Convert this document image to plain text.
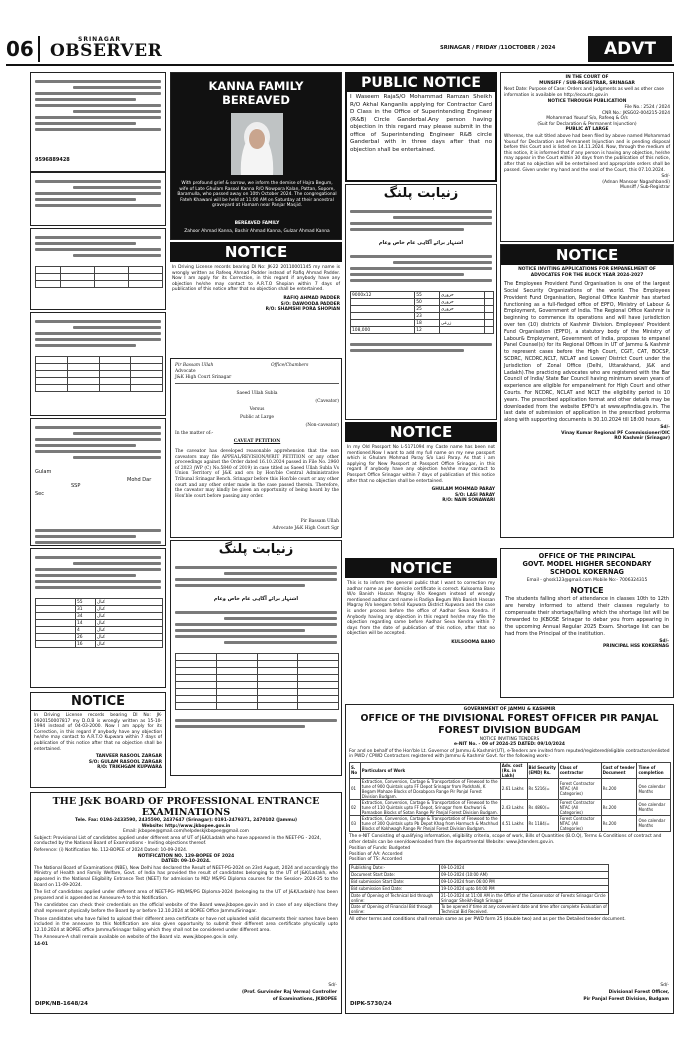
06	SRINAGAR
OBSERVER	SRINAGAR / FRIDAY /11OCTOBER / 2024	ADVT
9596889428

Gulam
Mohd Dar
SSP
Sec
	55	کنال
	31	کنال
	34	کنال
	14	کنال
	4	کنال
	26	کنال
	16	کنال
NOTICE
In Driving License records bearing DI No: JK-0920150007817 my D.O.B is wrongly written as 15-10-1994 instead of 04-03-2000. Now I am apply for its Correction, in this regard if anybody have any objection he/she may contact to A.R.T.O Kupwara within 7 days of publication of this notice after that no objection shall be entertained.
TANVEER RASOOL ZARGAR
S/O: GULAM RASOOL ZARGAR
R/O: TRIKHGAM KUPWARA
KANNA FAMILY
BEREAVED
With profound grief & sorrow, we inform the demise of Hajra Begum, wife of Late Ghulam Rasool Kanna R/O Nowpora Kalan, Pattan, Sopore, Baramulla, who passed away on 10th October 2024. The congregational Fateh Khawani will be held at 11:00 AM on Saturday at their ancestral graveyard at Hamam near Panjar Masjid.
BEREAVED FAMILY
Zahoor Ahmad Kanna, Bashir Ahmad Kanna, Gulzar Ahmad Kanna
NOTICE
In Driving License records bearing DI No: JK-22 20110001145 my name is wrongly written as Rafeeq Ahmad Padder instead of Rafiq Ahmad Padder. Now I am apply for its Correction, in this regard if anybody have any objection he/she may contact to A.R.T.O Shopian within 7 days of publication of this notice after that no objection shall be entertained.
RAFIQ AHMAD PADDER
S/O: DAWOODA PADDER
R/O: SHAMSHI PORA SHOPIAN
Pir Bassam Ullah
Advocate
J&K High Court Srinagar
Office/Chambers
Saeed Ullah Subla
(Caveator)
Versus
Public at Large
(Non-caveator)
In the matter of:-
CAVEAT PETITION
The caveator has developed reasonable apprehension that the non caveators may file APPEAL/REVISION/WRIT PETITION or any other proceedings against the Order dated 16.10.2024 passed in File No. 2960 of 2023 (WP (C) No.5840 of 2019) in case titled as Saeed Ullah Subla Vs Union Territory of J&K and ors by Hon'ble Central Administrative Tribunal Srinagar Bench. Srinagar before this Hon'ble court or any other court and any other order made in the case passed therein. Therefore, the caveator may kindly be given an opportunity of being heard by the Hon'ble court before passing any order.
Pir Bassam Ullah
Advocate J&K High Court Sgr
زنیابت پلنگ
اشتہار برائے آگاہی عام خاص وعام

PUBLIC NOTICE
I Waseem RajaS/O Mohammad Ramzan Sheikh R/O Akhal Kanganlis applying for Contractor Card D Class in the Office of Superintending Engineer (R&B) Circle Ganderbal.Any person having objection in this regard may please submit in the office of Superintending Engineer R&B circle Ganderbal with in three days after that no objection shall be entertained.
زنیابت پلنگ
اشتہار برائے آگاہی عام خاص وعام
9000x12	55	حروری	
	50	حروری	
	25	حروری	
	23		
	18	زرعی	
108,000	12		
NOTICE
In my Old Passport No L-5171094 my Caste name has been not mentioned.Now I want to add my full name on my new passport which is Ghulam Mohmad Paray S/o Lasi Paray. As that i am applying for New Passport at Passport Office Srinagar, in this regard if anybody have any objection he/she may contact to Passport Office Srinagar within 7 days of publication of this notice after that no objection shall be entertained.
GHULAM MOHMAD PARAY
S/O: LASI PARAY
R/O: NAIN SONAWARI
NOTICE
This is to inform the general public that I want to correction my aadhar name as per domicile certificate is correct. Kulsooma Bano W/o Banish Hassan Magray R/o Keegam instead of wrongly mentioned aadhar card name is Radiya Begum W/o Banish Hassan Magray R/o keegam tehsil Kupwara District Kupwara and the case is under process before the office of Aadhar Seva Kendra. if Anybody having any objection in this regard he/she may file the objection regarding same before Aadhar Seva Kendra within 7 days from the date of publication of this notice, after that no objection will be accepted.
KULSOOMA BANO
IN THE COURT OF
MUNSIFF / SUB-REGISTRAR, SRINAGAR
Next Date: Purpose of Case: Orders and Judgments as well as other case information is available on http://ecourts.gov.in
NOTICE THROUGH PUBLICATION
File No.: 2524 / 2024
CNR No.: JKSG02-004215-2024
Mohammad Yousuf S/o, Rafeeq & O/s
(Suit for Declaration & Permanent Injunction)
PUBLIC AT LARGE
Whereas, the suit titled above had been filed by above named Mohammad Yousuf for Declaration and Permanent Injunction and is pending disposal before this Court and is listed on 14.11.2024. Now, through the medium of this notice, it is informed that if any person is having any objection, he/she may appear in the Court within 30 days from the publication of this notice, after that no objection will be entertained and appropriate orders shall be passed. Given under my hand and the seal of the Court, this 07.10.2024.
Sd/-
(Adnan Mansoor Nagashbandi)
Munsiff / Sub-Registrar
NOTICE
NOTICE INVITING APPLICATIONS FOR EMPANELMENT OF ADVOCATES FOR THE BLOCK YEAR 2024-2027
The Employees Provident Fund Organisation is one of the largest Social Security Organizations of the world. The Employees Provident Fund Organisation, Regional Office Kashmir has started functioning as a full-fledged office of EPFO, Ministry of Labour & Employment, Government of India. The Regional Office Kashmir is beginning to commence its operations and will have jurisdiction over ten (10) districts of Kashmir Division. Employees' Provident Fund Organisation (EPFO), a statutory body of the Ministry of Labour& Employment, Government of India, proposes to empanel Panel Counsel(s) for its Regional Offices in UT of Jammu & Kashmir to represent cases before the High Court, CGIT, CAT, BOCSP, SCDRC, NCDRC,NCLT, NCLAT and Lower/ District Court under the Jurisdiction of Zonal Office (Delhi, Uttarakhand, J&K and Ladakh).The practicing advocates who are registered with the Bar Council of India/ State Bar Council having minimum seven years of experience are eligible for empanelment for High Court and other Courts. For NCDRC, NCLAT and NCLT the eligibility period is 10 years. The prescribed application format and other details may be downloaded from the website EPFO's at www.epfindia.gov.in. The last date of submission of application in the prescribed proforma along with supporting documents is 30.10.2024 till 18:00 hours.
Sd/-
Vinay Kumar Regional PF Commissioner/OIC
RO Kashmir (Srinagar)
OFFICE OF THE PRINCIPAL
GOVT. MODEL HIGHER SECONDARY
SCHOOL KOKERNAG
Email - ghssk123@gmail.com Mobile No:- 7006324315
NOTICE
The students falling short of attendance in classes 10th to 12th are hereby informed to attend their classes regularly to compensate their shortage/failing which the shortage list will be forwarded to JKBOSE Srinagar to debar you from appearing in the upcoming Annual Regular 2025 Exam. Shortage list can be had from the Principal of the institution.
Sd/-
PRINCIPAL HSS KOKERNAG
THE J&K BOARD OF PROFESSIONAL ENTRANCE EXAMINATIONS
Tele. Fax: 0194-2433590, 2435590, 2437647 (Srinagar): 0191-2479371, 2470102 (Jammu)
Website: http://www.jkbopee.gov.in
Email: jkbopee@gmail.com/helpdeskjkbopee@gmail.com
Subject: Provisional List of candidates applied under different area of UT of J&K/Ladakh who have appeared in the NEET-PG - 2024, conducted by the National Board of Examinations - Inviting objections thereof.
Reference: (i) Notification No. 112-BOPEE of 2024 Dated: 10-09-2024.
NOTIFICATION NO. 129-BOPEE OF 2024
DATED: 09-10-2024.
The National Board of Examinations (NBE), New Delhi has declared the Result of NEET-PG-2024 on 23rd August, 2024 and accordingly the Ministry of Health and Family Welfare, Govt. of India has provided the result of candidates belonging to the UT of J&K/Ladakh, who appeared in the National Eligibility Entrance Test (NEET) for admission to MD/ MS/PG Diploma courses for the Session- 2024-25 to the Board on 11-09-2024.
The list of candidates applied under different area of NEET-PG- MD/MS/PG Diploma-2024 (belonging to the UT of J&K/Ladakh) has been prepared and is appended as Annexure-A to this Notification.
The candidates can check their credentials on the official website of the Board www.jkbopee.gov.in and in case of any objections they shall represent physically before the Board by or before 12.10.2024 at BOPEE Office Jammu/Srinagar.
Those candidates who have failed to upload their different area certificate or have not uploaded valid documents their names have been included in the annexure to this Notification are also given opportunity to submit their different area certificate physically upto 12.10.2024 at BOPEE office Jammu/Srinagar failing which they shall not be considered under different area.
The Annexure-A shall remain available on website of the Board viz. www.jkbopee.gov.in only.
14-01
Sd/-
(Prof. Gurvinder Raj Verma) Controller
of Examinations, JKBOPEE
DIPK/NB-1648/24
GOVERNMENT OF JAMMU & KASHMIR
OFFICE OF THE DIVISIONAL FOREST OFFICER PIR PANJAL
FOREST DIVISION BUDGAM
NOTICE INVITING TENDERS
e-NIT No. - 09 of 2024-25 DATED: 09/10/2024
For and on behalf of the Hon'ble Lt. Governor of Jammu & Kashmir(UT), e-Tenders are invited from reputed/registered/eligible contractors/enlisted in PWD / CPWD Contractors registered with Jammu & Kashmir Govt. for the following work:-
S. No	Particulars of Work	Adv. cost (Rs. in Lakh)	Bid Security (EMD) Rs.	Class of contractor	Cost of tender Document	Time of completion
01	Extraction, Conversion, Cartage & Transportation of Firewood to the tune of 900 Quintals upto FF Depot Srinagar from Padshahi, K Begam Mahaze Blocks of Dosabpora Range Pir Panjal Forest Division Budgam.	2.61 Lakhs	Rs 5216/=	Forest Contractor NTAC (All Categories)	Rs.200	One calendar Months
02	Extraction, Conversion, Cartage & Transportation of Firewood to the tune of 110 Quintals upto FF Depot, Srinagar from Kachwari & Pamasbon Blocks of Sotan Range Pir Panjal Forest Division Budgam.	2.43 Lakhs	Rs 4860/=	Forest Contractor NTAC (All Categories)	Rs.200	One calendar Months
03	Extraction, Conversion, Cartage & Transportation of Firewood to the tune of 300 Quintals upto Pb Depot Khag from Harmuch & Machhud Blocks of Kokhwagh Range Pir Panjal Forest Division Budgam.	4.51 Lakhs	Rs 1184/=	Forest Contractor NTAC (All Categories)	Rs.200	One calendar Months
The e-NIT Consisting of qualifying information, eligibility criteria, scope of work, Bills of Quantities (B.O.Q), Terms & Conditions of contract and other details can be seen/downloaded from the departmental Website: www.jktenders.gov.in.
Position of Funds: Budgeted
Position of AA: Accorded
Position of TS: Accorded
Publishing Date:-	09-10-2024
Document Start Date:	09-10-2024 (10:00 AM)
Bid submission Start Date:	09-10-2024 from 06:00 PM
Bid submission End Date:	19-10-2024 upto 04:00 PM
Date of Opening of Technical bid through online:	21-10-2024 at 11:00 AM in the Office of the Conservator of Forests Srinagar Circle Srinagar Sheikh-Bagh Srinagar
Date of Opening of Financial Bid through online:	To be opened if time at any convenient date and time after complete Evaluation of Technical Bid Received.
All other terms and conditions shall remain same as per PWD form 25 (double two) and as per the Detailed tender document.
Sd/-
Divisional Forest Officer,
Pir Panjal Forest Division, Budgam
DIPK-5730/24
